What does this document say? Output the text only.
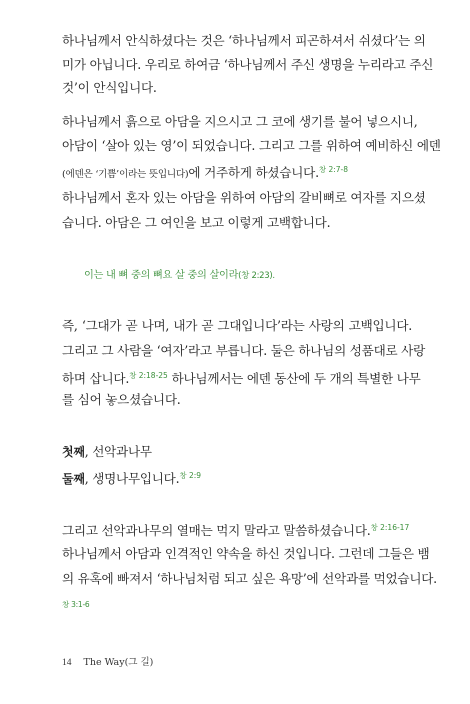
하나님께서 안식하셨다는 것은 ‘하나님께서 피곤하셔서 쉬셨다’는 의
미가 아닙니다. 우리로 하여금 ‘하나님께서 주신 생명을 누리라고 주신
것’이 안식입니다.
하나님께서 흙으로 아담을 지으시고 그 코에 생기를 불어 넣으시니,
아담이 ‘살아 있는 영’이 되었습니다. 그리고 그를 위하여 예비하신 에덴
(에덴은 ‘기쁨’이라는 뜻입니다)에 거주하게 하셨습니다.$^{창 2:7-8}$
하나님께서 혼자 있는 아담을 위하여 아담의 갈비뼈로 여자를 지으셨
습니다. 아담은 그 여인을 보고 이렇게 고백합니다.
이는 내 뼈 중의 뼈요 살 중의 살이라(창 2:23).
즉, ‘그대가 곧 나며, 내가 곧 그대입니다’라는 사랑의 고백입니다.
그리고 그 사람을 ‘여자’라고 부릅니다. 둘은 하나님의 성품대로 사랑
하며 삽니다.$^{창 2:18-25}$ 하나님께서는 에덴 동산에 두 개의 특별한 나무
를 심어 놓으셨습니다.
첫째, 선악과나무
둘째, 생명나무입니다.$^{창 2:9}$
그리고 선악과나무의 열매는 먹지 말라고 말씀하셨습니다.$^{창 2:16-17}$
하나님께서 아담과 인격적인 약속을 하신 것입니다. 그런데 그들은 뱀
의 유혹에 빠져서 ‘하나님처럼 되고 싶은 욕망’에 선악과를 먹었습니다.
창 3:1-6
14 The Way(그 길)
